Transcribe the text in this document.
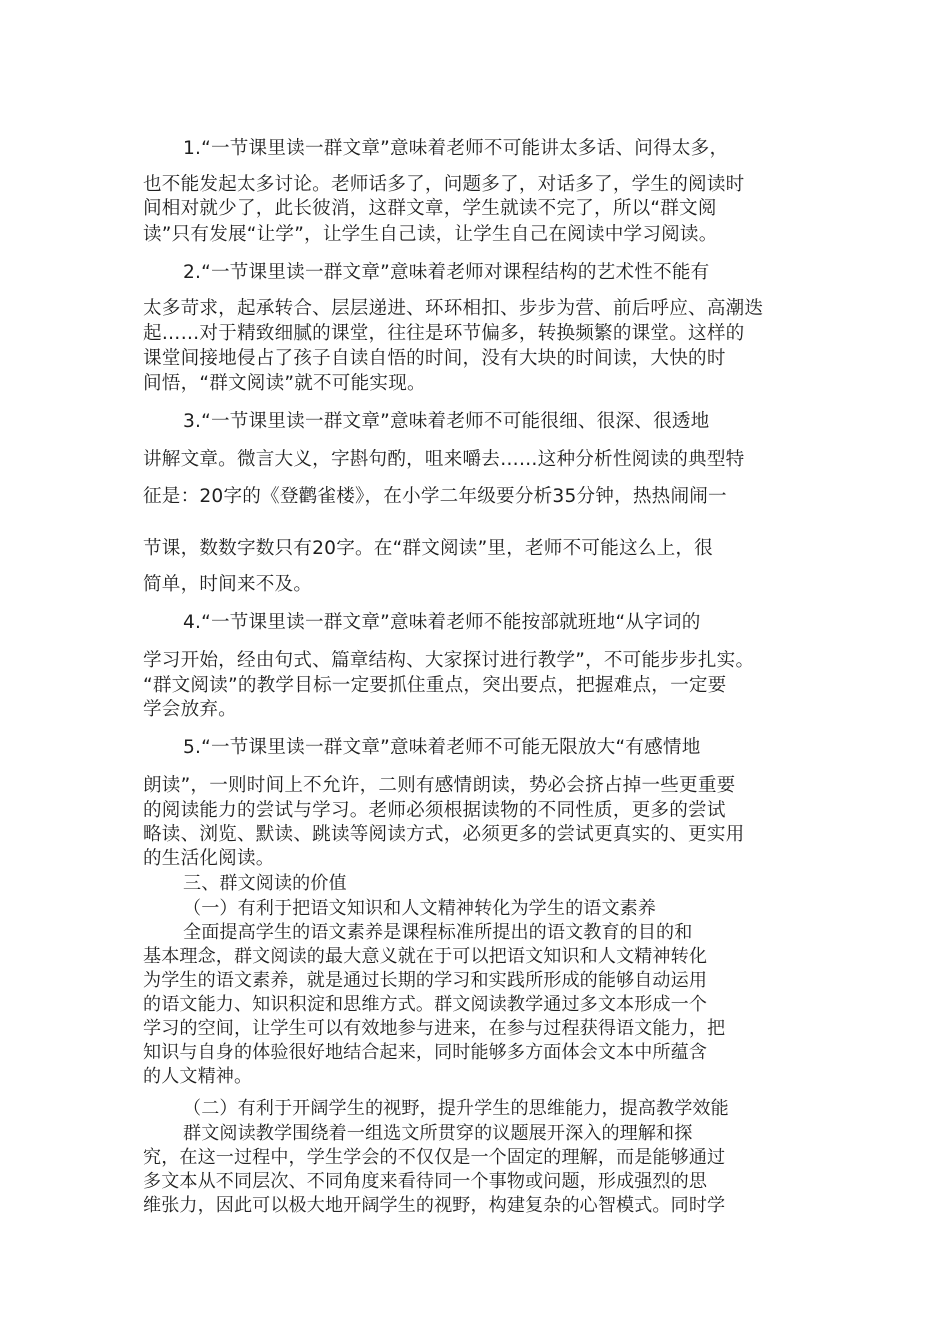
1.“一节课里读一群文章”意味着老师不可能讲太多话、问得太多，
也不能发起太多讨论。老师话多了，问题多了，对话多了，学生的阅读时
间相对就少了，此长彼消，这群文章，学生就读不完了，所以“群文阅
读”只有发展“让学”，让学生自己读，让学生自己在阅读中学习阅读。
2.“一节课里读一群文章”意味着老师对课程结构的艺术性不能有
太多苛求，起承转合、层层递进、环环相扣、步步为营、前后呼应、高潮迭
起……对于精致细腻的课堂，往往是环节偏多，转换频繁的课堂。这样的
课堂间接地侵占了孩子自读自悟的时间，没有大块的时间读，大快的时
间悟，“群文阅读”就不可能实现。
3.“一节课里读一群文章”意味着老师不可能很细、很深、很透地
讲解文章。微言大义，字斟句酌，咀来嚼去……这种分析性阅读的典型特
征是：20字的《登鹳雀楼》，在小学二年级要分析35分钟，热热闹闹一
节课，数数字数只有20字。在“群文阅读”里，老师不可能这么上，很
简单，时间来不及。
4.“一节课里读一群文章”意味着老师不能按部就班地“从字词的
学习开始，经由句式、篇章结构、大家探讨进行教学”，不可能步步扎实。
“群文阅读”的教学目标一定要抓住重点，突出要点，把握难点，一定要
学会放弃。
5.“一节课里读一群文章”意味着老师不可能无限放大“有感情地
朗读”，一则时间上不允许，二则有感情朗读，势必会挤占掉一些更重要
的阅读能力的尝试与学习。老师必须根据读物的不同性质，更多的尝试
略读、浏览、默读、跳读等阅读方式，必须更多的尝试更真实的、更实用
的生活化阅读。
三、群文阅读的价值
（一）有利于把语文知识和人文精神转化为学生的语文素养
全面提高学生的语文素养是课程标准所提出的语文教育的目的和
基本理念，群文阅读的最大意义就在于可以把语文知识和人文精神转化
为学生的语文素养，就是通过长期的学习和实践所形成的能够自动运用
的语文能力、知识积淀和思维方式。群文阅读教学通过多文本形成一个
学习的空间，让学生可以有效地参与进来，在参与过程获得语文能力，把
知识与自身的体验很好地结合起来，同时能够多方面体会文本中所蕴含
的人文精神。
（二）有利于开阔学生的视野，提升学生的思维能力，提高教学效能
群文阅读教学围绕着一组选文所贯穿的议题展开深入的理解和探
究，在这一过程中，学生学会的不仅仅是一个固定的理解，而是能够通过
多文本从不同层次、不同角度来看待同一个事物或问题，形成强烈的思
维张力，因此可以极大地开阔学生的视野，构建复杂的心智模式。同时学
